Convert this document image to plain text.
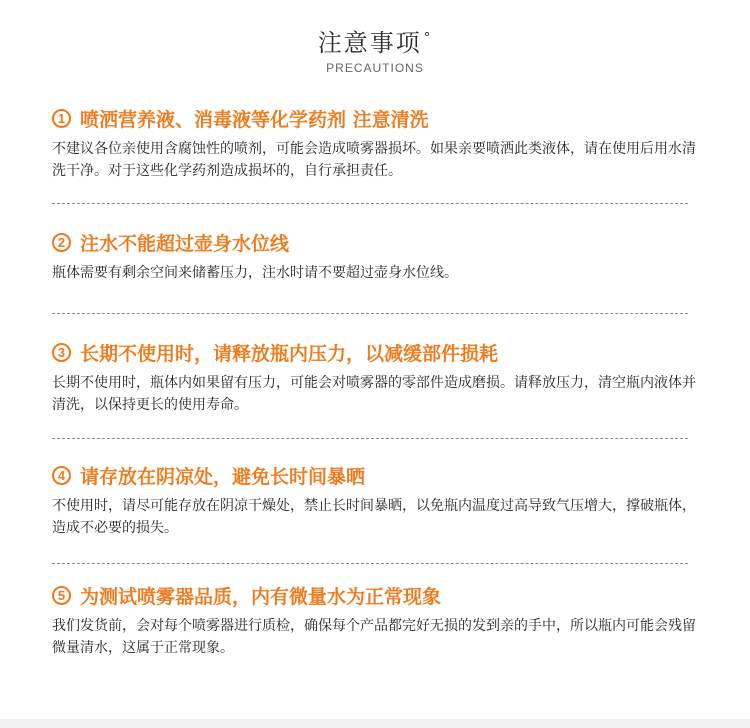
注意事项 °
PRECAUTIONS
1 喷洒营养液、消毒液等化学药剂 注意清洗
不建议各位亲使用含腐蚀性的喷剂，可能会造成喷雾器损坏。如果亲要喷洒此类液体，请在使用后用水清洗干净。对于这些化学药剂造成损坏的，自行承担责任。
2 注水不能超过壶身水位线
瓶体需要有剩余空间来储蓄压力，注水时请不要超过壶身水位线。
3 长期不使用时，请释放瓶内压力，以减缓部件损耗
长期不使用时，瓶体内如果留有压力，可能会对喷雾器的零部件造成磨损。请释放压力，清空瓶内液体并清洗，以保持更长的使用寿命。
4 请存放在阴凉处，避免长时间暴晒
不使用时，请尽可能存放在阴凉干燥处，禁止长时间暴晒，以免瓶内温度过高导致气压增大，撑破瓶体，造成不必要的损失。
5 为测试喷雾器品质，内有微量水为正常现象
我们发货前，会对每个喷雾器进行质检，确保每个产品都完好无损的发到亲的手中，所以瓶内可能会残留微量清水，这属于正常现象。
